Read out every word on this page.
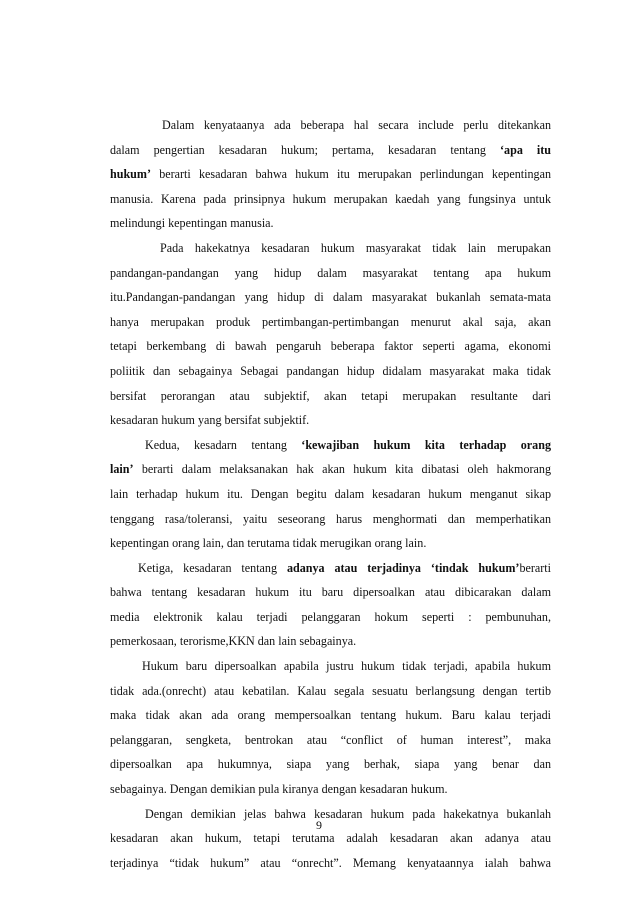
Dalam kenyataanya ada beberapa hal secara include perlu ditekankan
dalam pengertian kesadaran hukum; pertama, kesadaran tentang ‘apa itu
hukum’ berarti kesadaran bahwa hukum itu merupakan perlindungan kepentingan
manusia. Karena pada prinsipnya hukum merupakan kaedah yang fungsinya untuk
melindungi kepentingan manusia.
Pada hakekatnya kesadaran hukum masyarakat tidak lain merupakan
pandangan-pandangan yang hidup dalam masyarakat tentang apa hukum
itu.Pandangan-pandangan yang hidup di dalam masyarakat bukanlah semata-mata
hanya merupakan produk pertimbangan-pertimbangan menurut akal saja, akan
tetapi berkembang di bawah pengaruh beberapa faktor seperti agama, ekonomi
poliitik dan sebagainya Sebagai pandangan hidup didalam masyarakat maka tidak
bersifat perorangan atau subjektif, akan tetapi merupakan resultante dari
kesadaran hukum yang bersifat subjektif.
Kedua, kesadarn tentang ‘kewajiban hukum kita terhadap orang
lain’ berarti dalam melaksanakan hak akan hukum kita dibatasi oleh hakmorang
lain terhadap hukum itu. Dengan begitu dalam kesadaran hukum menganut sikap
tenggang rasa/toleransi, yaitu seseorang harus menghormati dan memperhatikan
kepentingan orang lain, dan terutama tidak merugikan orang lain.
Ketiga, kesadaran tentang adanya atau terjadinya ‘tindak hukum’berarti
bahwa tentang kesadaran hukum itu baru dipersoalkan atau dibicarakan dalam
media elektronik kalau terjadi pelanggaran hokum seperti : pembunuhan,
pemerkosaan, terorisme,KKN dan lain sebagainya.
Hukum baru dipersoalkan apabila justru hukum tidak terjadi, apabila hukum
tidak ada.(onrecht) atau kebatilan. Kalau segala sesuatu berlangsung dengan tertib
maka tidak akan ada orang mempersoalkan tentang hukum. Baru kalau terjadi
pelanggaran, sengketa, bentrokan atau “conflict of human interest”, maka
dipersoalkan apa hukumnya, siapa yang berhak, siapa yang benar dan
sebagainya. Dengan demikian pula kiranya dengan kesadaran hukum.
Dengan demikian jelas bahwa kesadaran hukum pada hakekatnya bukanlah
kesadaran akan hukum, tetapi terutama adalah kesadaran akan adanya atau
terjadinya “tidak hukum” atau “onrecht”. Memang kenyataannya ialah bahwa
9
